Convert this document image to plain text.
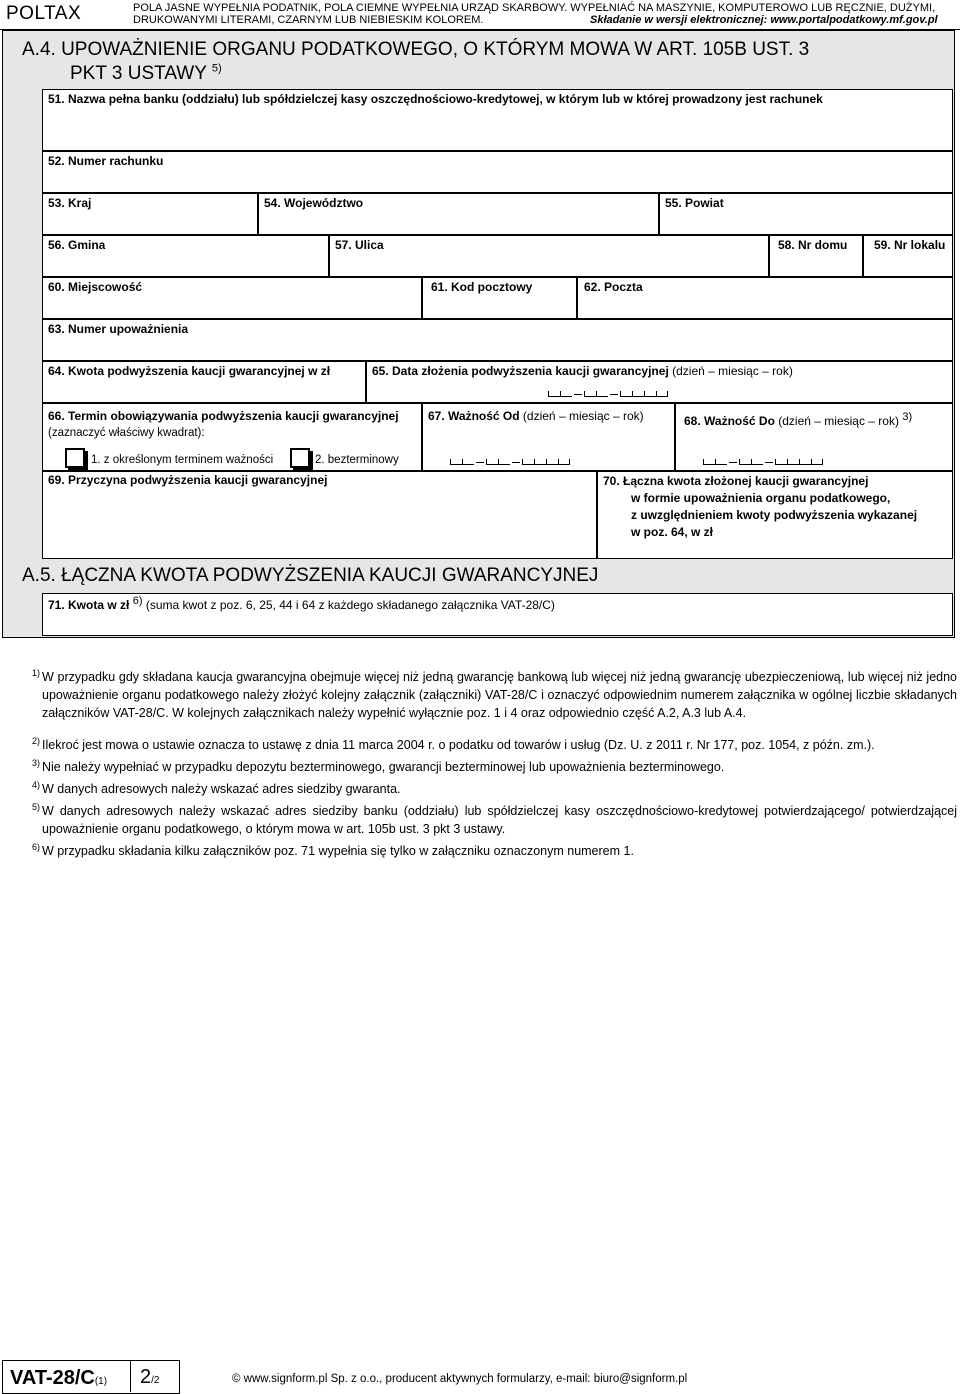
POLTAX	POLA JASNE WYPEŁNIA PODATNIK, POLA CIEMNE WYPEŁNIA URZĄD SKARBOWY. WYPEŁNIAĆ NA MASZYNIE, KOMPUTEROWO LUB RĘCZNIE, DUŻYMI,
DRUKOWANYMI LITERAMI, CZARNYM LUB NIEBIESKIM KOLOREM.	Składanie w wersji elektronicznej: www.portalpodatkowy.mf.gov.pl
A.4. UPOWAŻNIENIE ORGANU PODATKOWEGO, O KTÓRYM MOWA W ART. 105B UST. 3
PKT 3 USTAWY $^{5)}$
51. Nazwa pełna banku (oddziału) lub spółdzielczej kasy oszczędnościowo-kredytowej, w którym lub w której prowadzony jest rachunek
52. Numer rachunku
53. Kraj	54. Województwo	55. Powiat
56. Gmina	57. Ulica	58. Nr domu 59. Nr lokalu
60. Miejscowość	61. Kod pocztowy	62. Poczta
63. Numer upoważnienia
64. Kwota podwyższenia kaucji gwarancyjnej w zł	65. Data złożenia podwyższenia kaucji gwarancyjnej (dzień – miesiąc – rok)
66. Termin obowiązywania podwyższenia kaucji gwarancyjnej
(zaznaczyć właściwy kwadrat):
1. z określonym terminem ważności	2. bezterminowy
67. Ważność Od (dzień – miesiąc – rok)	68. Ważność Do (dzień – miesiąc – rok) 3)
69. Przyczyna podwyższenia kaucji gwarancyjnej	70. Łączna kwota złożonej kaucji gwarancyjnej
w formie upoważnienia organu podatkowego,
z uwzględnieniem kwoty podwyższenia wykazanej
w poz. 64, w zł
A.5. ŁĄCZNA KWOTA PODWYŻSZENIA KAUCJI GWARANCYJNEJ
71. Kwota w zł 6) (suma kwot z poz. 6, 25, 44 i 64 z każdego składanego załącznika VAT-28/C)
1) W przypadku gdy składana kaucja gwarancyjna obejmuje więcej niż jedną gwarancję bankową lub więcej niż jedną gwarancję ubezpieczeniową, lub więcej niż jedno upoważnienie organu podatkowego należy złożyć kolejny załącznik (załączniki) VAT-28/C i oznaczyć odpowiednim numerem załącznika w ogólnej liczbie składanych załączników VAT-28/C. W kolejnych załącznikach należy wypełnić wyłącznie poz. 1 i 4 oraz odpowiednio część A.2, A.3 lub A.4.
2) Ilekroć jest mowa o ustawie oznacza to ustawę z dnia 11 marca 2004 r. o podatku od towarów i usług (Dz. U. z 2011 r. Nr 177, poz. 1054, z późn. zm.).
3) Nie należy wypełniać w przypadku depozytu bezterminowego, gwarancji bezterminowej lub upoważnienia bezterminowego.
4) W danych adresowych należy wskazać adres siedziby gwaranta.
5) W danych adresowych należy wskazać adres siedziby banku (oddziału) lub spółdzielczej kasy oszczędnościowo-kredytowej potwierdzającego/ potwierdzającej upoważnienie organu podatkowego, o którym mowa w art. 105b ust. 3 pkt 3 ustawy.
6) W przypadku składania kilku załączników poz. 71 wypełnia się tylko w załączniku oznaczonym numerem 1.
VAT-28/C(1) 2/2	© www.signform.pl Sp. z o.o., producent aktywnych formularzy, e-mail: biuro@signform.pl
